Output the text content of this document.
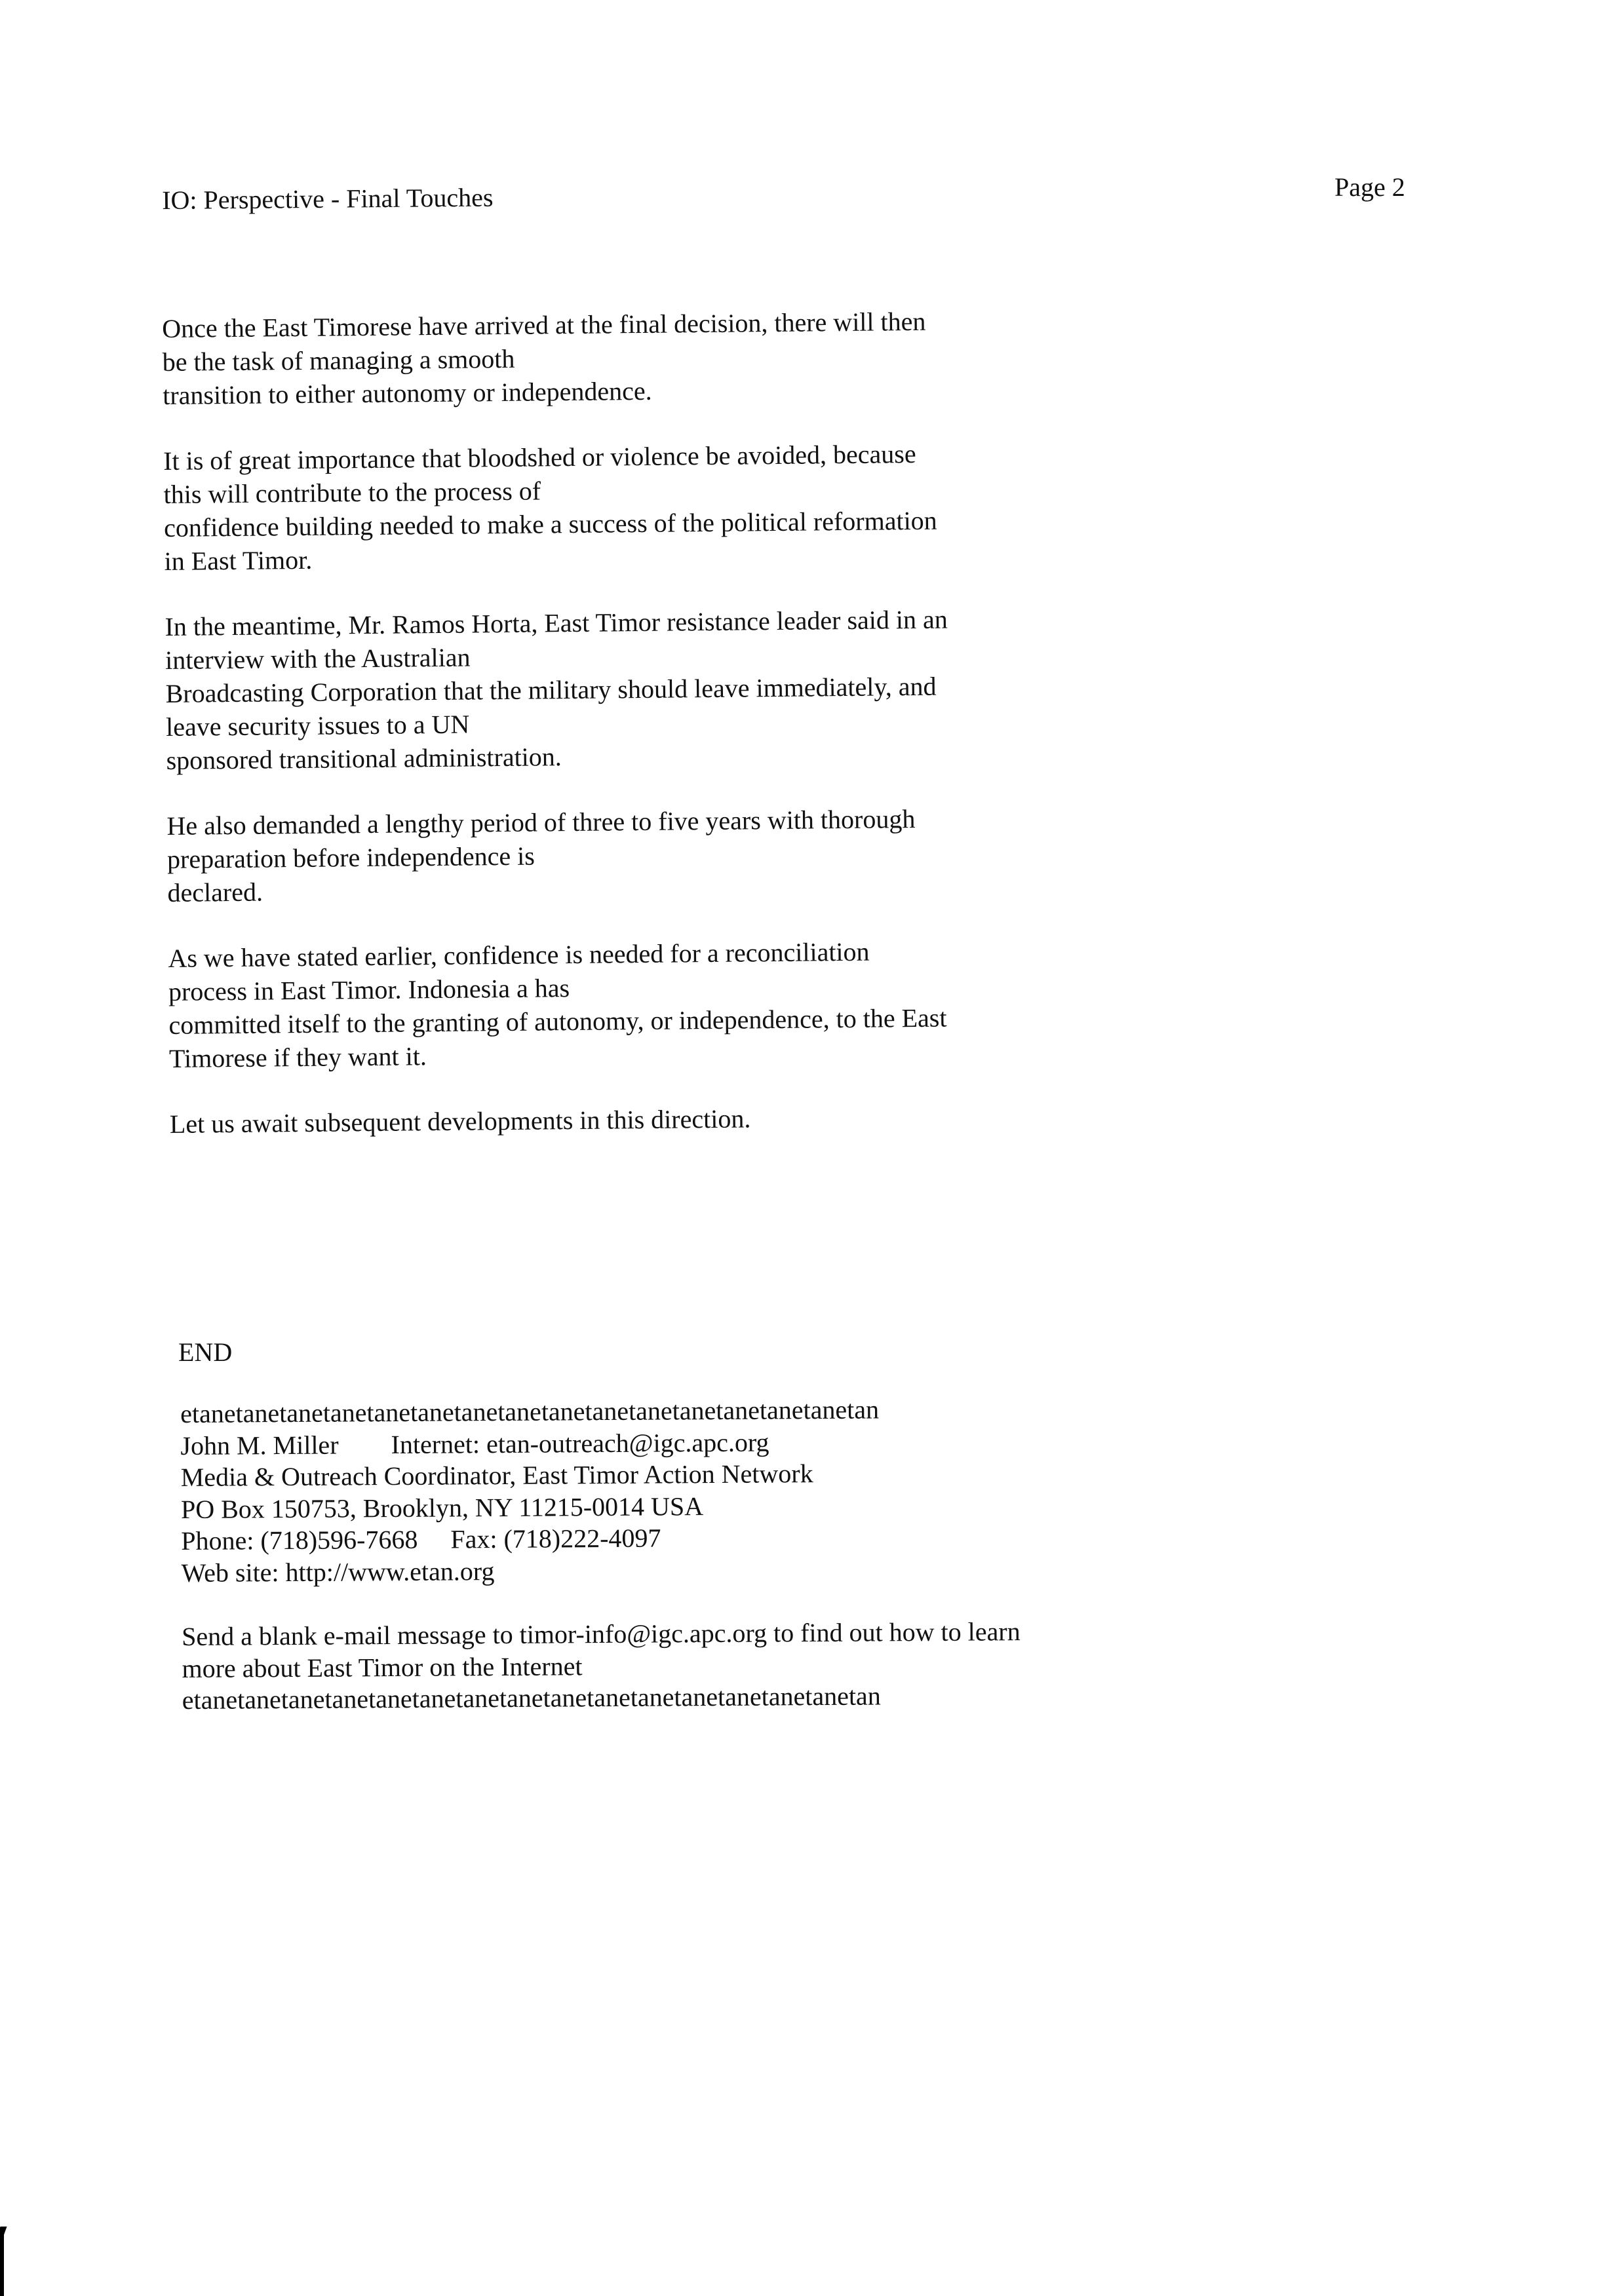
IO: Perspective - Final Touches	Page 2

Once the East Timorese have arrived at the final decision, there will then
be the task of managing a smooth
transition to either autonomy or independence.

It is of great importance that bloodshed or violence be avoided, because
this will contribute to the process of
confidence building needed to make a success of the political reformation
in East Timor.

In the meantime, Mr. Ramos Horta, East Timor resistance leader said in an
interview with the Australian
Broadcasting Corporation that the military should leave immediately, and
leave security issues to a UN
sponsored transitional administration.

He also demanded a lengthy period of three to five years with thorough
preparation before independence is
declared.

As we have stated earlier, confidence is needed for a reconciliation
process in East Timor. Indonesia a has
committed itself to the granting of autonomy, or independence, to the East
Timorese if they want it.

Let us await subsequent developments in this direction.

END
etanetanetanetanetanetanetanetanetanetanetanetanetanetanetanetan
John M. Miller        Internet: etan-outreach@igc.apc.org
Media & Outreach Coordinator, East Timor Action Network
PO Box 150753, Brooklyn, NY 11215-0014 USA
Phone: (718)596-7668     Fax: (718)222-4097
Web site: http://www.etan.org
Send a blank e-mail message to timor-info@igc.apc.org to find out how to learn
more about East Timor on the Internet
etanetanetanetanetanetanetanetanetanetanetanetanetanetanetanetan
